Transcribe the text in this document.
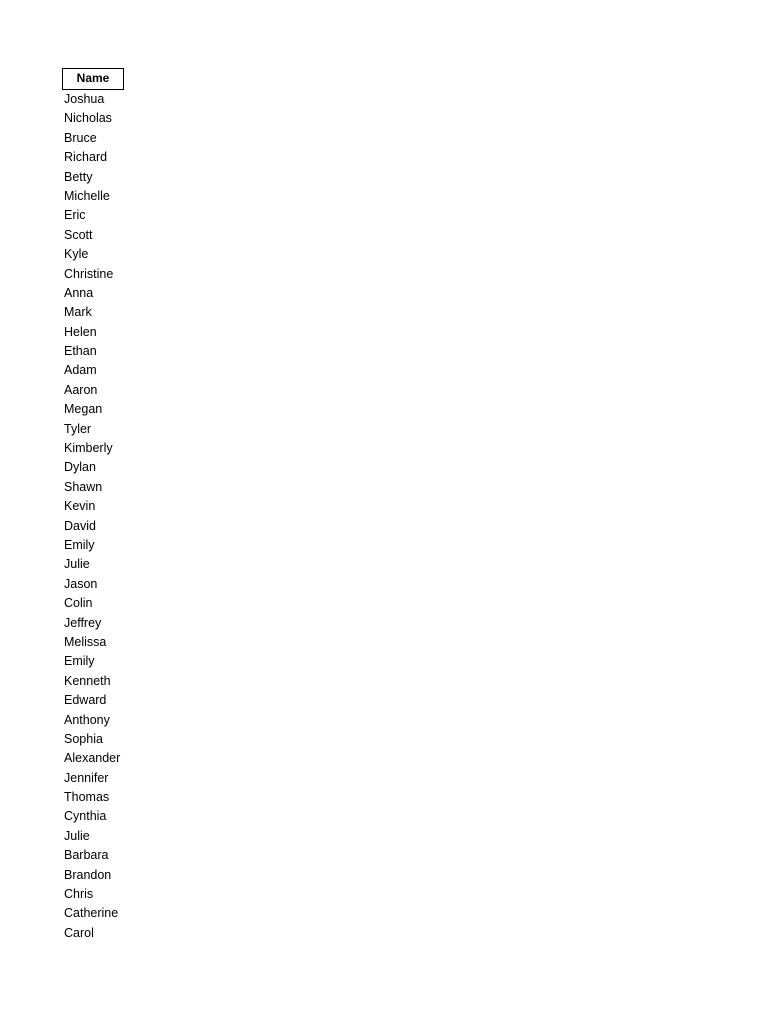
Name
Joshua
Nicholas
Bruce
Richard
Betty
Michelle
Eric
Scott
Kyle
Christine
Anna
Mark
Helen
Ethan
Adam
Aaron
Megan
Tyler
Kimberly
Dylan
Shawn
Kevin
David
Emily
Julie
Jason
Colin
Jeffrey
Melissa
Emily
Kenneth
Edward
Anthony
Sophia
Alexander
Jennifer
Thomas
Cynthia
Julie
Barbara
Brandon
Chris
Catherine
Carol
